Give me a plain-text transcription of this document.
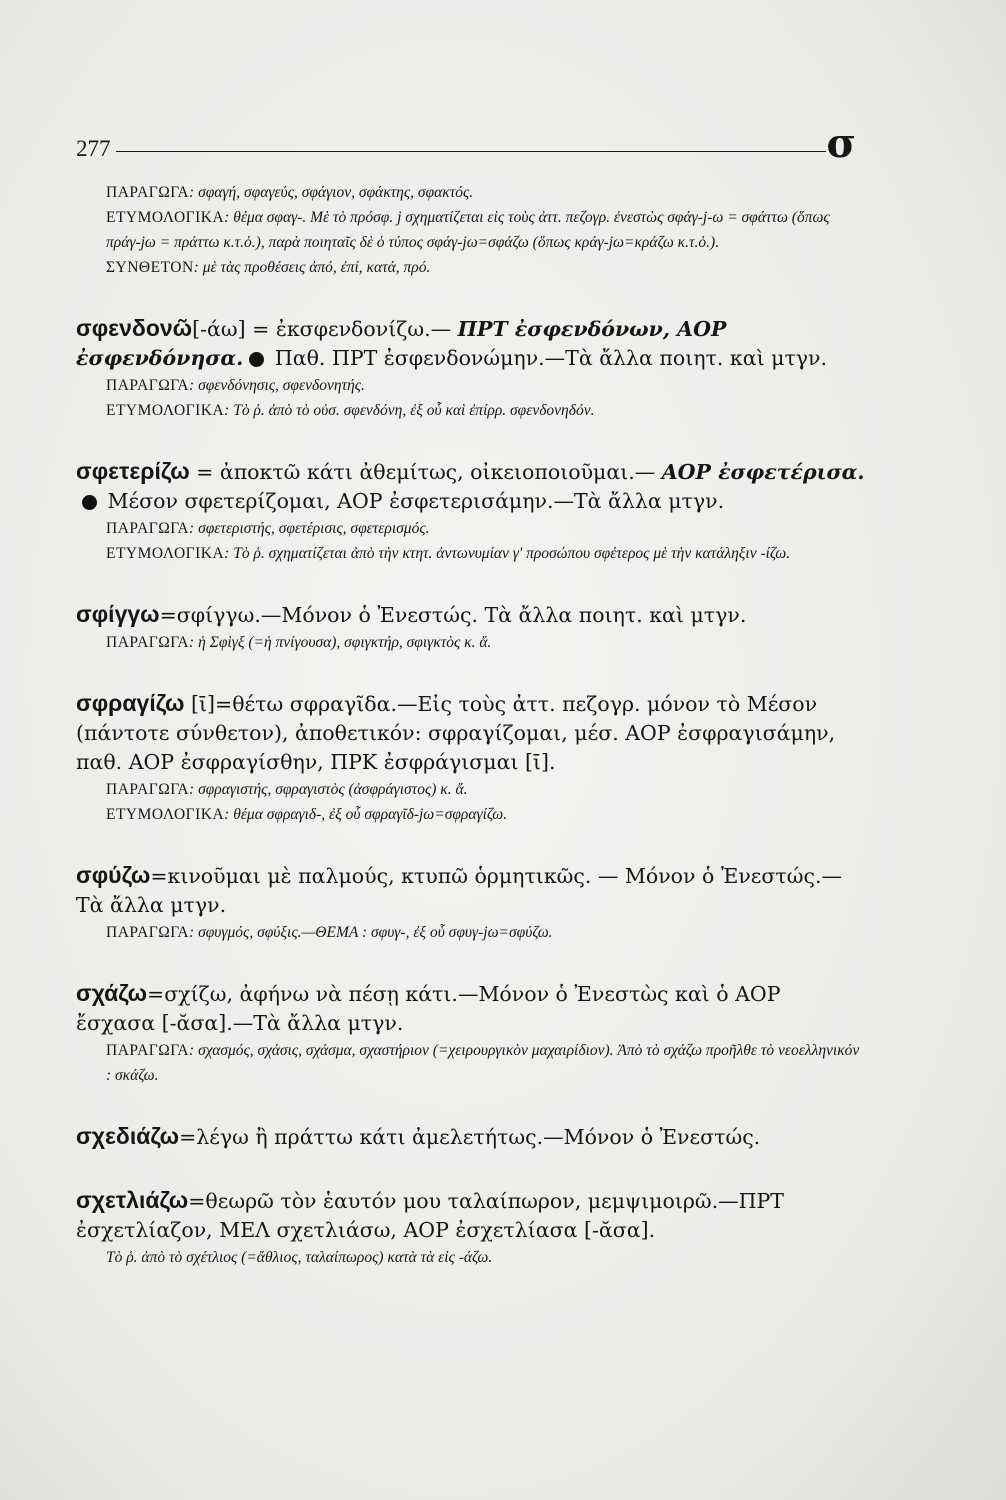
277	σ
ΠΑΡΑΓΩΓΑ: σφαγή, σφαγεύς, σφάγιον, σφάκτης, σφακτός.
ΕΤΥΜΟΛΟΓΙΚΑ: θέμα σφαγ-. Μὲ τὸ πρόσφ. j σχηματίζεται εἰς τοὺς ἀττ. πεζογρ. ἐνεστὼς σφάγ-j-ω = σφάττω (ὅπως πράγ-jω = πράττω κ.τ.ὁ.), παρὰ ποιηταῖς δὲ ὁ τύπος σφάγ-jω=σφάζω (ὅπως κράγ-jω=κράζω κ.τ.ὁ.).
ΣΥΝΘΕΤΟΝ: μὲ τὰς προθέσεις ἀπό, ἐπί, κατά, πρό.
σφενδονῶ[-άω] = ἐκσφενδονίζω.— ΠΡΤ ἐσφενδόνων, ΑΟΡ ἐσφενδόνησα. Παθ. ΠΡΤ ἐσφενδονώμην.—Τὰ ἄλλα ποιητ. καὶ μτγν.
ΠΑΡΑΓΩΓΑ: σφενδόνησις, σφενδονητής.
ΕΤΥΜΟΛΟΓΙΚΑ: Τὸ ῥ. ἀπὸ τὸ οὐσ. σφενδόνη, ἐξ οὗ καὶ ἐπίρρ. σφενδονηδόν.
σφετερίζω = ἀποκτῶ κάτι ἀθεμίτως, οἰκειοποιοῦμαι.— ΑΟΡ ἐσφετέρισα. Μέσον σφετερίζομαι, ΑΟΡ ἐσφετερισάμην.—Τὰ ἄλλα μτγν.
ΠΑΡΑΓΩΓΑ: σφετεριστής, σφετέρισις, σφετερισμός.
ΕΤΥΜΟΛΟΓΙΚΑ: Τὸ ῥ. σχηματίζεται ἀπὸ τὴν κτητ. ἀντωνυμίαν γ' προσώπου σφέτερος μὲ τὴν κατάληξιν -ίζω.
σφίγγω=σφίγγω.—Μόνον ὁ Ἐνεστώς. Τὰ ἄλλα ποιητ. καὶ μτγν.
ΠΑΡΑΓΩΓΑ: ἡ Σφὶγξ (=ἡ πνίγουσα), σφιγκτήρ, σφιγκτὸς κ. ἄ.
σφραγίζω [ῑ]=θέτω σφραγῖδα.—Εἰς τοὺς ἀττ. πεζογρ. μόνον τὸ Μέσον (πάντοτε σύνθετον), ἀποθετικόν: σφραγίζομαι, μέσ. ΑΟΡ ἐσφραγισάμην, παθ. ΑΟΡ ἐσφραγίσθην, ΠΡΚ ἐσφράγισμαι [ῑ].
ΠΑΡΑΓΩΓΑ: σφραγιστής, σφραγιστὸς (ἀσφράγιστος) κ. ἄ.
ΕΤΥΜΟΛΟΓΙΚΑ: θέμα σφραγιδ-, ἐξ οὗ σφραγῖδ-jω=σφραγίζω.
σφύζω=κινοῦμαι μὲ παλμούς, κτυπῶ ὁρμητικῶς. — Μόνον ὁ Ἐνεστώς.—Τὰ ἄλλα μτγν.
ΠΑΡΑΓΩΓΑ: σφυγμός, σφύξις.—ΘΕΜΑ : σφυγ-, ἐξ οὗ σφυγ-jω=σφύζω.
σχάζω=σχίζω, ἀφήνω νὰ πέσῃ κάτι.—Μόνον ὁ Ἐνεστὼς καὶ ὁ ΑΟΡ ἔσχασα [-ᾰσα].—Τὰ ἄλλα μτγν.
ΠΑΡΑΓΩΓΑ: σχασμός, σχάσις, σχάσμα, σχαστήριον (=χειρουργικὸν μαχαιρίδιον). Ἀπὸ τὸ σχάζω προῆλθε τὸ νεοελληνικόν : σκάζω.
σχεδιάζω=λέγω ἢ πράττω κάτι ἀμελετήτως.—Μόνον ὁ Ἐνεστώς.
σχετλιάζω=θεωρῶ τὸν ἑαυτόν μου ταλαίπωρον, μεμψιμοιρῶ.—ΠΡΤ ἐσχετλίαζον, ΜΕΛ σχετλιάσω, ΑΟΡ ἐσχετλίασα [-ᾰσα].
Τὸ ῥ. ἀπὸ τὸ σχέτλιος (=ἄθλιος, ταλαίπωρος) κατὰ τὰ εἰς -άζω.
